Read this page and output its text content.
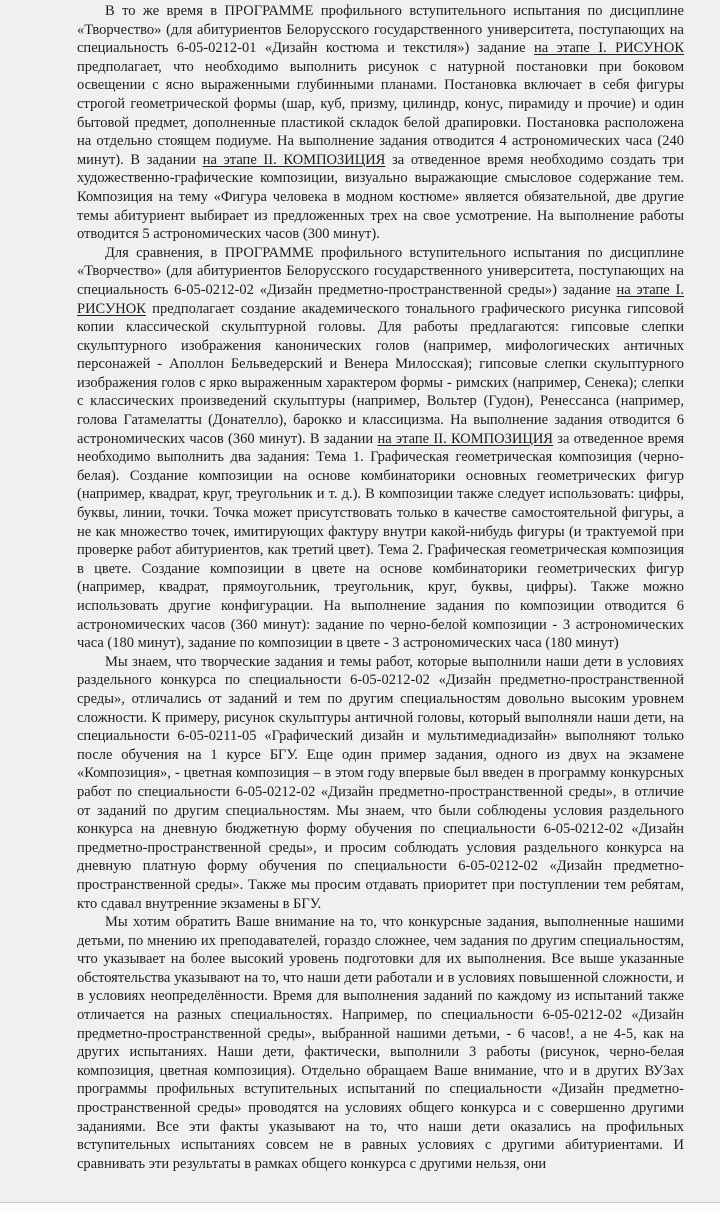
В то же время в ПРОГРАММЕ профильного вступительного испытания по дисциплине «Творчество» (для абитуриентов Белорусского государственного университета, поступающих на специальность 6-05-0212-01 «Дизайн костюма и текстиля») задание на этапе I. РИСУНОК предполагает, что необходимо выполнить рисунок с натурной постановки при боковом освещении с ясно выраженными глубинными планами. Постановка включает в себя фигуры строгой геометрической формы (шар, куб, призму, цилиндр, конус, пирамиду и прочие) и один бытовой предмет, дополненные пластикой складок белой драпировки. Постановка расположена на отдельно стоящем подиуме. На выполнение задания отводится 4 астрономических часа (240 минут). В задании на этапе II. КОМПОЗИЦИЯ за отведенное время необходимо создать три художественно-графические композиции, визуально выражающие смысловое содержание тем. Композиция на тему «Фигура человека в модном костюме» является обязательной, две другие темы абитуриент выбирает из предложенных трех на свое усмотрение. На выполнение работы отводится 5 астрономических часов (300 минут).

Для сравнения, в ПРОГРАММЕ профильного вступительного испытания по дисциплине «Творчество» (для абитуриентов Белорусского государственного университета, поступающих на специальность 6-05-0212-02 «Дизайн предметно-пространственной среды») задание на этапе I. РИСУНОК предполагает создание академического тонального графического рисунка гипсовой копии классической скульптурной головы. Для работы предлагаются: гипсовые слепки скульптурного изображения канонических голов (например, мифологических античных персонажей - Аполлон Бельведерский и Венера Милосская); гипсовые слепки скульптурного изображения голов с ярко выраженным характером формы - римских (например, Сенека); слепки с классических произведений скульптуры (например, Вольтер (Гудон), Ренессанса (например, голова Гатамелатты (Донателло), барокко и классицизма. На выполнение задания отводится 6 астрономических часов (360 минут). В задании на этапе II. КОМПОЗИЦИЯ за отведенное время необходимо выполнить два задания: Тема 1. Графическая геометрическая композиция (черно-белая). Создание композиции на основе комбинаторики основных геометрических фигур (например, квадрат, круг, треугольник и т. д.). В композиции также следует использовать: цифры, буквы, линии, точки. Точка может присутствовать только в качестве самостоятельной фигуры, а не как множество точек, имитирующих фактуру внутри какой-нибудь фигуры (и трактуемой при проверке работ абитуриентов, как третий цвет). Тема 2. Графическая геометрическая композиция в цвете. Создание композиции в цвете на основе комбинаторики геометрических фигур (например, квадрат, прямоугольник, треугольник, круг, буквы, цифры). Также можно использовать другие конфигурации. На выполнение задания по композиции отводится 6 астрономических часов (360 минут): задание по черно-белой композиции - 3 астрономических часа (180 минут), задание по композиции в цвете - 3 астрономических часа (180 минут)

Мы знаем, что творческие задания и темы работ, которые выполнили наши дети в условиях раздельного конкурса по специальности 6-05-0212-02 «Дизайн предметно-пространственной среды», отличались от заданий и тем по другим специальностям довольно высоким уровнем сложности. К примеру, рисунок скульптуры античной головы, который выполняли наши дети, на специальности 6-05-0211-05 «Графический дизайн и мультимедиадизайн» выполняют только после обучения на 1 курсе БГУ. Еще один пример задания, одного из двух на экзамене «Композиция», - цветная композиция – в этом году впервые был введен в программу конкурсных работ по специальности 6-05-0212-02 «Дизайн предметно-пространственной среды», в отличие от заданий по другим специальностям. Мы знаем, что были соблюдены условия раздельного конкурса на дневную бюджетную форму обучения по специальности 6-05-0212-02 «Дизайн предметно-пространственной среды», и просим соблюдать условия раздельного конкурса на дневную платную форму обучения по специальности 6-05-0212-02 «Дизайн предметно-пространственной среды». Также мы просим отдавать приоритет при поступлении тем ребятам, кто сдавал внутренние экзамены в БГУ.

Мы хотим обратить Ваше внимание на то, что конкурсные задания, выполненные нашими детьми, по мнению их преподавателей, гораздо сложнее, чем задания по другим специальностям, что указывает на более высокий уровень подготовки для их выполнения. Все выше указанные обстоятельства указывают на то, что наши дети работали и в условиях повышенной сложности, и в условиях неопределённости. Время для выполнения заданий по каждому из испытаний также отличается на разных специальностях. Например, по специальности 6-05-0212-02 «Дизайн предметно-пространственной среды», выбранной нашими детьми, - 6 часов!, а не 4-5, как на других испытаниях. Наши дети, фактически, выполнили 3 работы (рисунок, черно-белая композиция, цветная композиция). Отдельно обращаем Ваше внимание, что и в других ВУЗах программы профильных вступительных испытаний по специальности «Дизайн предметно-пространственной среды» проводятся на условиях общего конкурса и с совершенно другими заданиями. Все эти факты указывают на то, что наши дети оказались на профильных вступительных испытаниях совсем не в равных условиях с другими абитуриентами. И сравнивать эти результаты в рамках общего конкурса с другими нельзя, они
